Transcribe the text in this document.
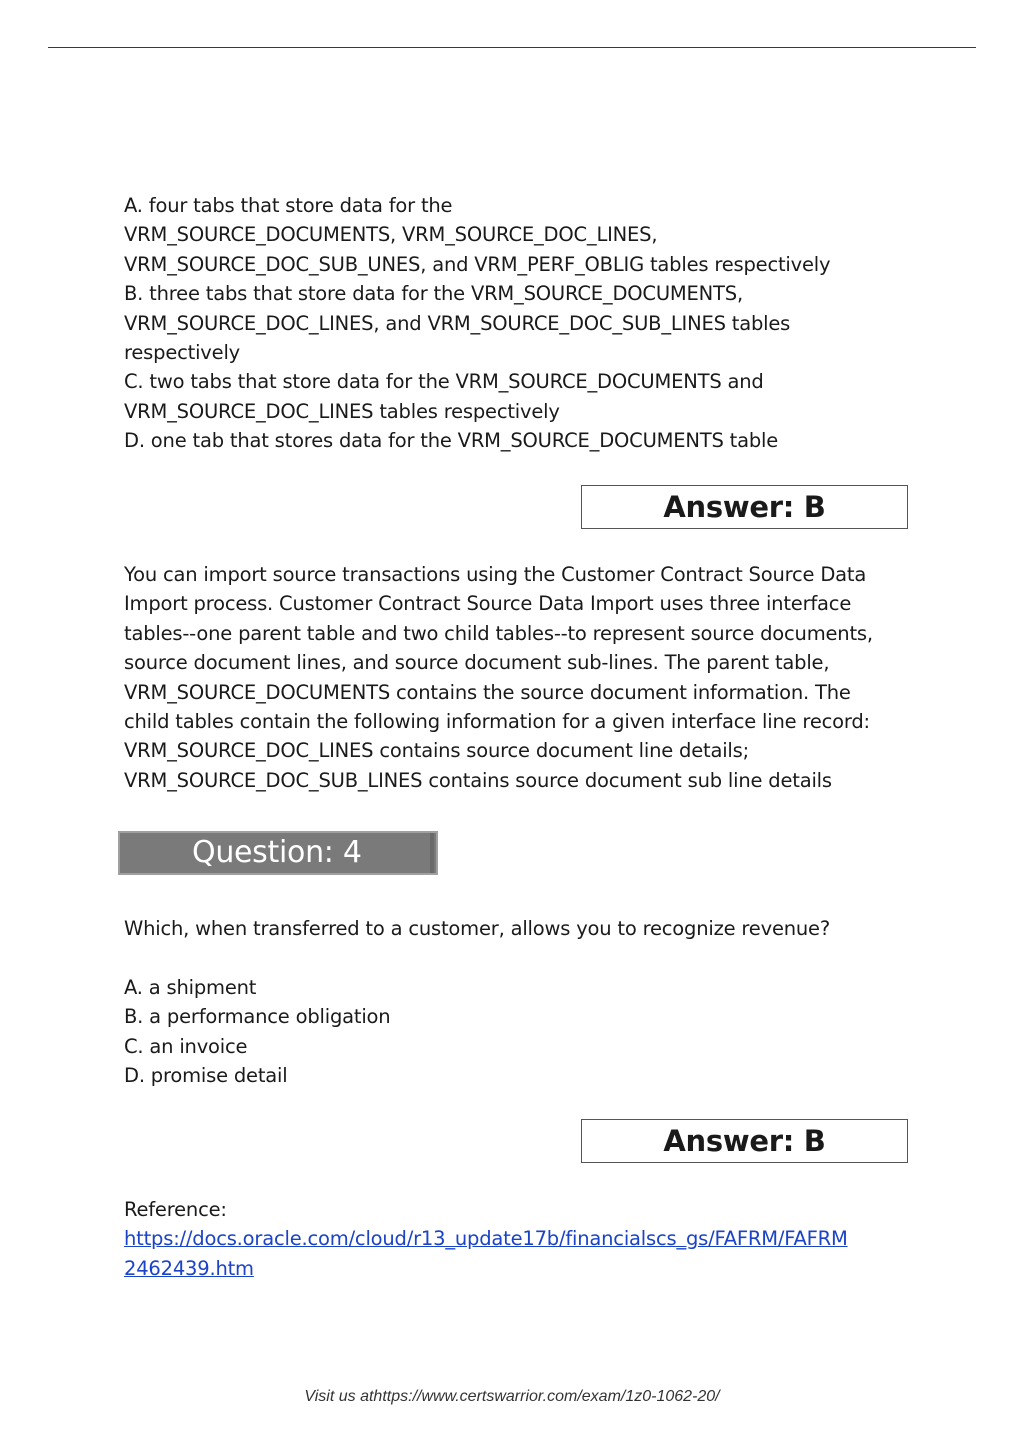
A. four tabs that store data for the
VRM_SOURCE_DOCUMENTS, VRM_SOURCE_DOC_LINES,
VRM_SOURCE_DOC_SUB_UNES, and VRM_PERF_OBLIG tables respectively
B. three tabs that store data for the VRM_SOURCE_DOCUMENTS,
VRM_SOURCE_DOC_LINES, and VRM_SOURCE_DOC_SUB_LINES tables
respectively
C. two tabs that store data for the VRM_SOURCE_DOCUMENTS and
VRM_SOURCE_DOC_LINES tables respectively
D. one tab that stores data for the VRM_SOURCE_DOCUMENTS table
Answer: B
You can import source transactions using the Customer Contract Source Data
Import process. Customer Contract Source Data Import uses three interface
tables--one parent table and two child tables--to represent source documents,
source document lines, and source document sub-lines. The parent table,
VRM_SOURCE_DOCUMENTS contains the source document information. The
child tables contain the following information for a given interface line record:
VRM_SOURCE_DOC_LINES contains source document line details;
VRM_SOURCE_DOC_SUB_LINES contains source document sub line details
Question: 4
Which, when transferred to a customer, allows you to recognize revenue?
A. a shipment
B. a performance obligation
C. an invoice
D. promise detail
Answer: B
Reference:
https://docs.oracle.com/cloud/r13_update17b/financialscs_gs/FAFRM/FAFRM
2462439.htm
Visit us athttps://www.certswarrior.com/exam/1z0-1062-20/
